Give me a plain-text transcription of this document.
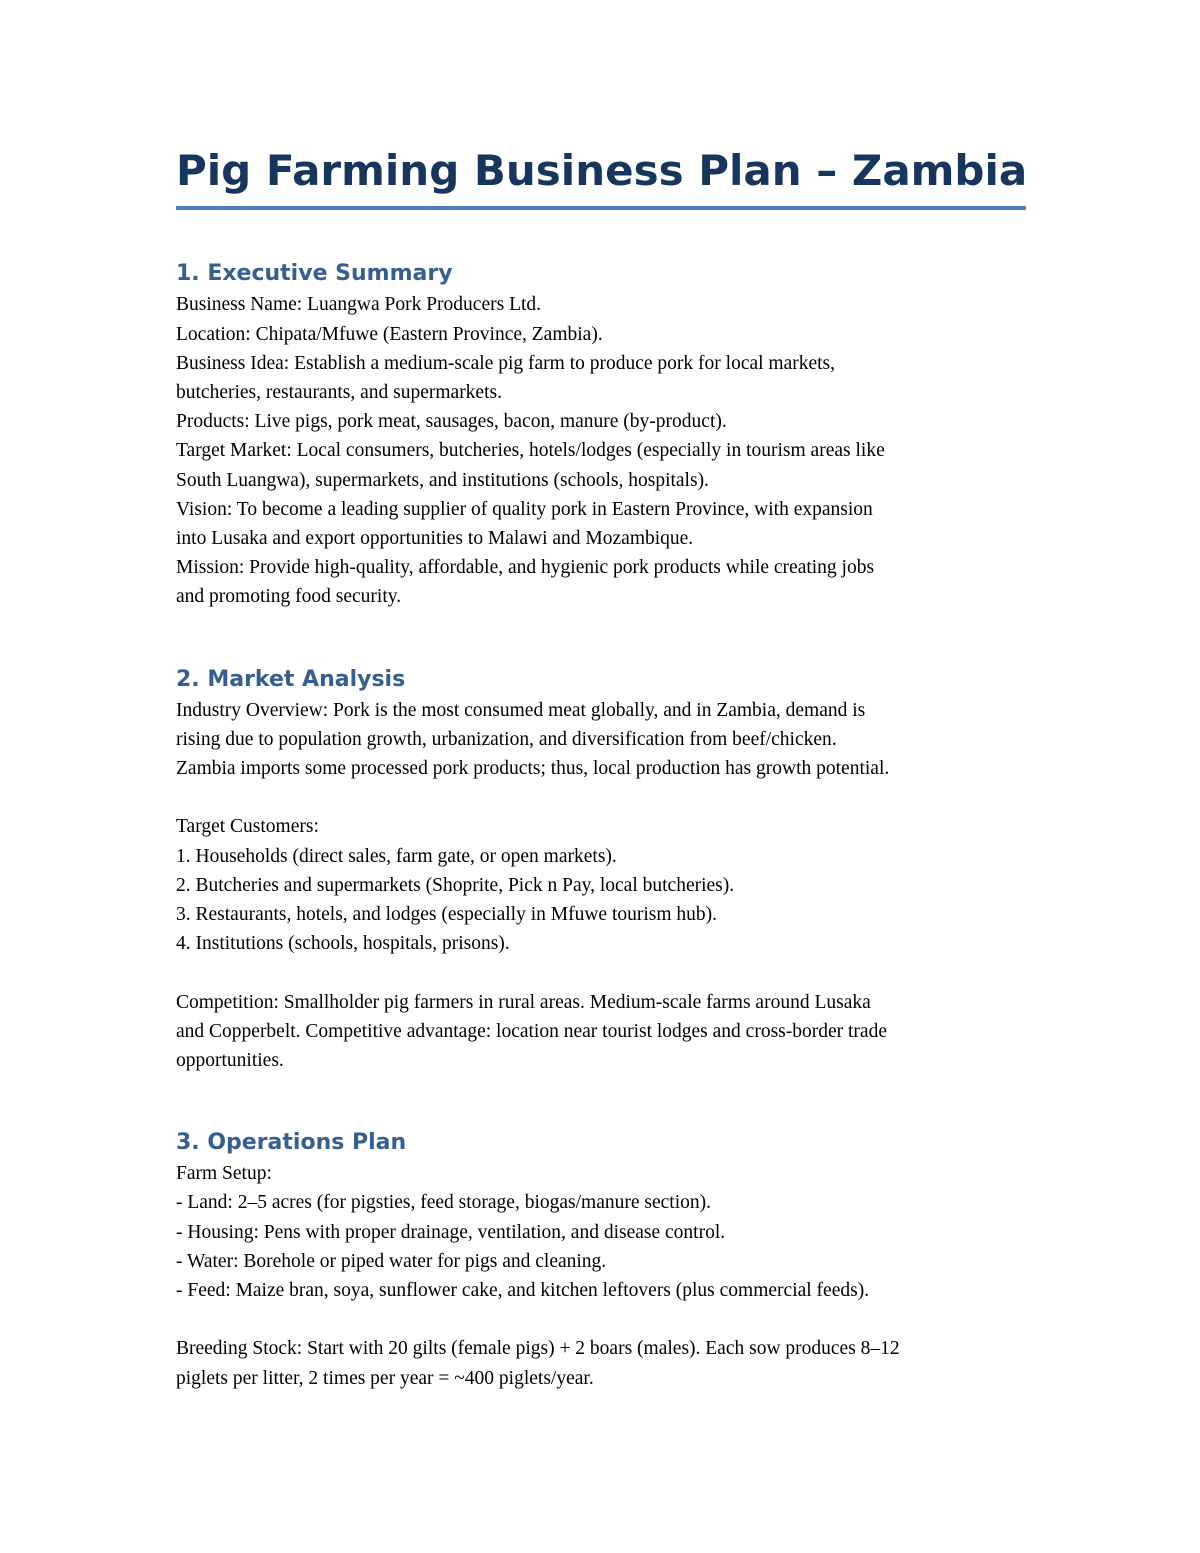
Pig Farming Business Plan – Zambia
1. Executive Summary

Business Name: Luangwa Pork Producers Ltd.

Location: Chipata/Mfuwe (Eastern Province, Zambia).

Business Idea: Establish a medium-scale pig farm to produce pork for local markets,

butcheries, restaurants, and supermarkets.

Products: Live pigs, pork meat, sausages, bacon, manure (by-product).

Target Market: Local consumers, butcheries, hotels/lodges (especially in tourism areas like

South Luangwa), supermarkets, and institutions (schools, hospitals).

Vision: To become a leading supplier of quality pork in Eastern Province, with expansion

into Lusaka and export opportunities to Malawi and Mozambique.

Mission: Provide high-quality, affordable, and hygienic pork products while creating jobs

and promoting food security.

2. Market Analysis

Industry Overview: Pork is the most consumed meat globally, and in Zambia, demand is

rising due to population growth, urbanization, and diversification from beef/chicken.

Zambia imports some processed pork products; thus, local production has growth potential.

Target Customers:

1. Households (direct sales, farm gate, or open markets).

2. Butcheries and supermarkets (Shoprite, Pick n Pay, local butcheries).

3. Restaurants, hotels, and lodges (especially in Mfuwe tourism hub).

4. Institutions (schools, hospitals, prisons).

Competition: Smallholder pig farmers in rural areas. Medium-scale farms around Lusaka

and Copperbelt. Competitive advantage: location near tourist lodges and cross-border trade

opportunities.

3. Operations Plan

Farm Setup:

- Land: 2–5 acres (for pigsties, feed storage, biogas/manure section).

- Housing: Pens with proper drainage, ventilation, and disease control.

- Water: Borehole or piped water for pigs and cleaning.

- Feed: Maize bran, soya, sunflower cake, and kitchen leftovers (plus commercial feeds).

Breeding Stock: Start with 20 gilts (female pigs) + 2 boars (males). Each sow produces 8–12

piglets per litter, 2 times per year = ~400 piglets/year.
